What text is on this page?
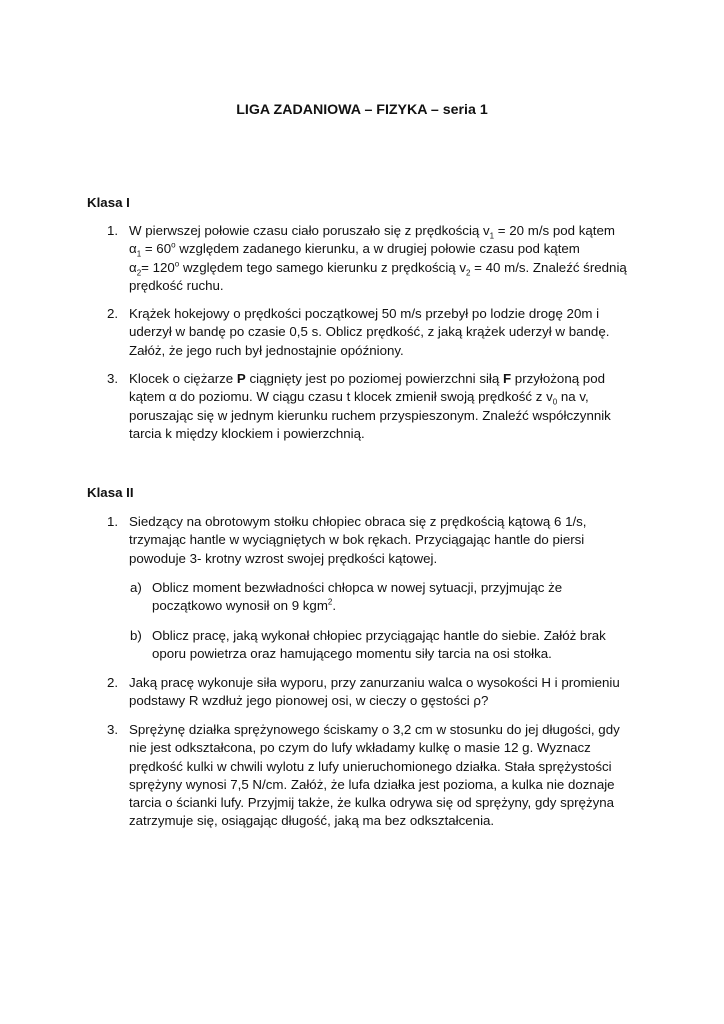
LIGA ZADANIOWA – FIZYKA – seria 1
Klasa I
1. W pierwszej połowie czasu ciało poruszało się z prędkością $v_1 = 20$ m/s pod kątem
$\alpha_1 = 60^o$ względem zadanego kierunku, a w drugiej połowie czasu pod kątem
$\alpha_2= 120^o$ względem tego samego kierunku z prędkością $v_2 = 40$ m/s. Znaleźć średnią
prędkość ruchu.
2. Krążek hokejowy o prędkości początkowej 50 m/s przebył po lodzie drogę 20m i
uderzył w bandę po czasie 0,5 s. Oblicz prędkość, z jaką krążek uderzył w bandę.
Załóż, że jego ruch był jednostajnie opóźniony.
3. Klocek o ciężarze P ciągnięty jest po poziomej powierzchni siłą F przyłożoną pod
kątem α do poziomu. W ciągu czasu t klocek zmienił swoją prędkość z $v_0$ na v,
poruszając się w jednym kierunku ruchem przyspieszonym. Znaleźć współczynnik
tarcia k między klockiem i powierzchnią.
Klasa II
1. Siedzący na obrotowym stołku chłopiec obraca się z prędkością kątową 6 1/s,
trzymając hantle w wyciągniętych w bok rękach. Przyciągając hantle do piersi
powoduje 3- krotny wzrost swojej prędkości kątowej.
a) Oblicz moment bezwładności chłopca w nowej sytuacji, przyjmując że
początkowo wynosił on 9 kgm$^2$.
b) Oblicz pracę, jaką wykonał chłopiec przyciągając hantle do siebie. Załóż brak
oporu powietrza oraz hamującego momentu siły tarcia na osi stołka.
2. Jaką pracę wykonuje siła wyporu, przy zanurzaniu walca o wysokości H i promieniu
podstawy R wzdłuż jego pionowej osi, w cieczy o gęstości ρ?
3. Sprężynę działka sprężynowego ściskamy o 3,2 cm w stosunku do jej długości, gdy
nie jest odkształcona, po czym do lufy wkładamy kulkę o masie 12 g. Wyznacz
prędkość kulki w chwili wylotu z lufy unieruchomionego działka. Stała sprężystości
sprężyny wynosi 7,5 N/cm. Załóż, że lufa działka jest pozioma, a kulka nie doznaje
tarcia o ścianki lufy. Przyjmij także, że kulka odrywa się od sprężyny, gdy sprężyna
zatrzymuje się, osiągając długość, jaką ma bez odkształcenia.
